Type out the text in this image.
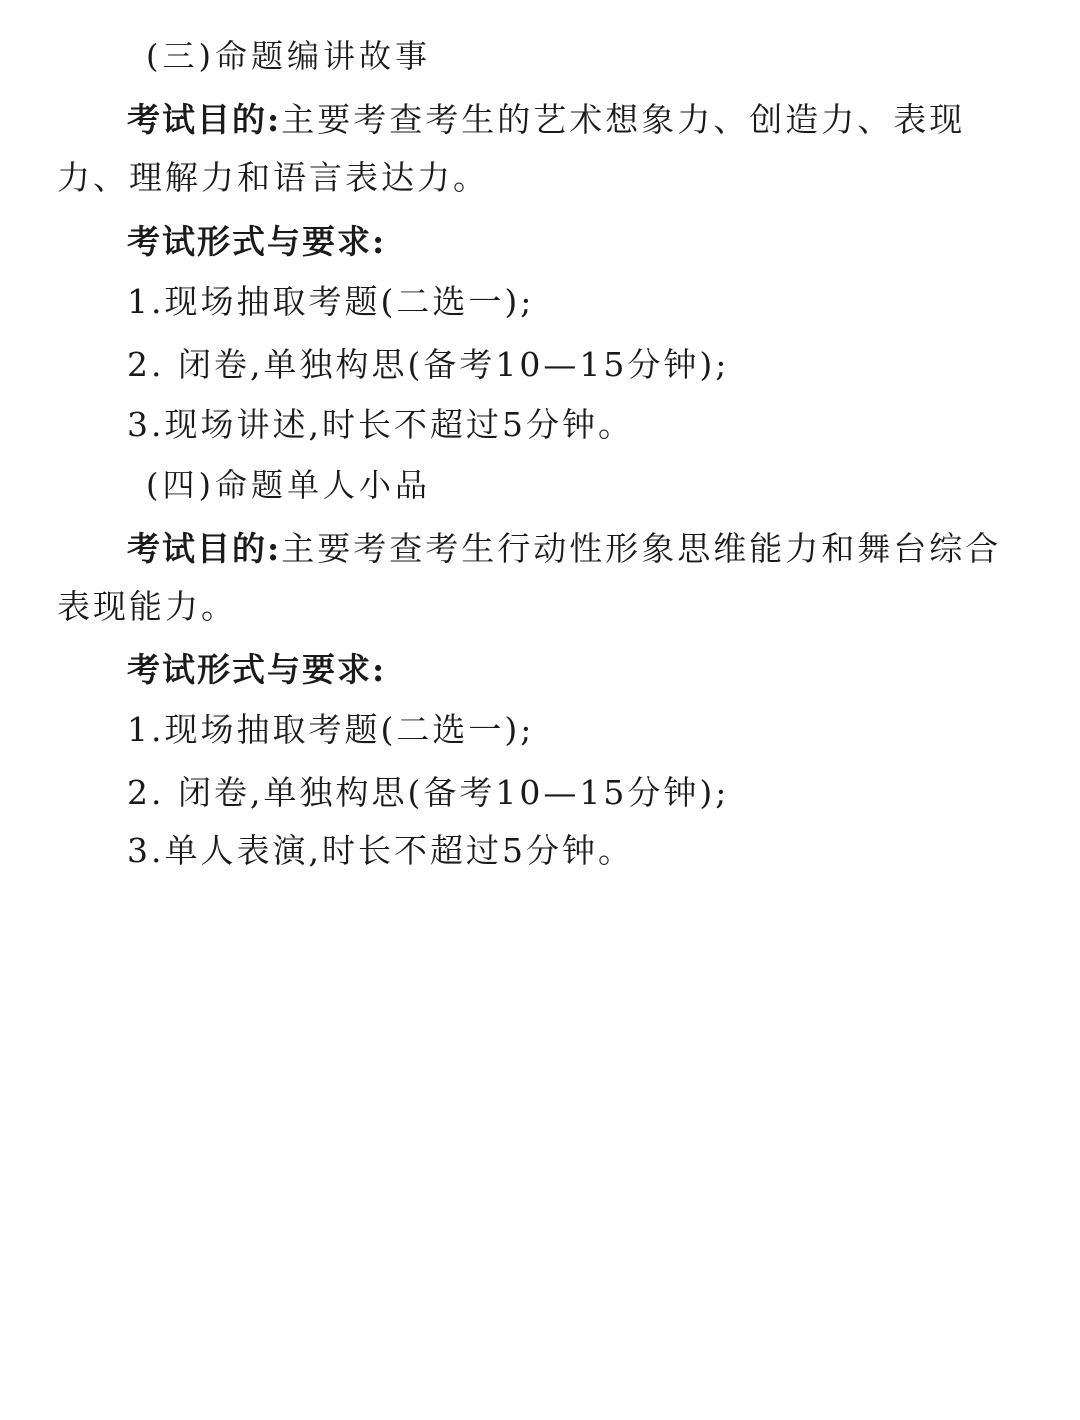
(三)命题编讲故事
考试目的:主要考查考生的艺术想象力、创造力、表现力、理解力和语言表达力。
考试形式与要求:
1.现场抽取考题(二选一);
2. 闭卷,单独构思(备考10—15分钟);
3.现场讲述,时长不超过5分钟。
(四)命题单人小品
考试目的:主要考查考生行动性形象思维能力和舞台综合表现能力。
考试形式与要求:
1.现场抽取考题(二选一);
2. 闭卷,单独构思(备考10—15分钟);
3.单人表演,时长不超过5分钟。
